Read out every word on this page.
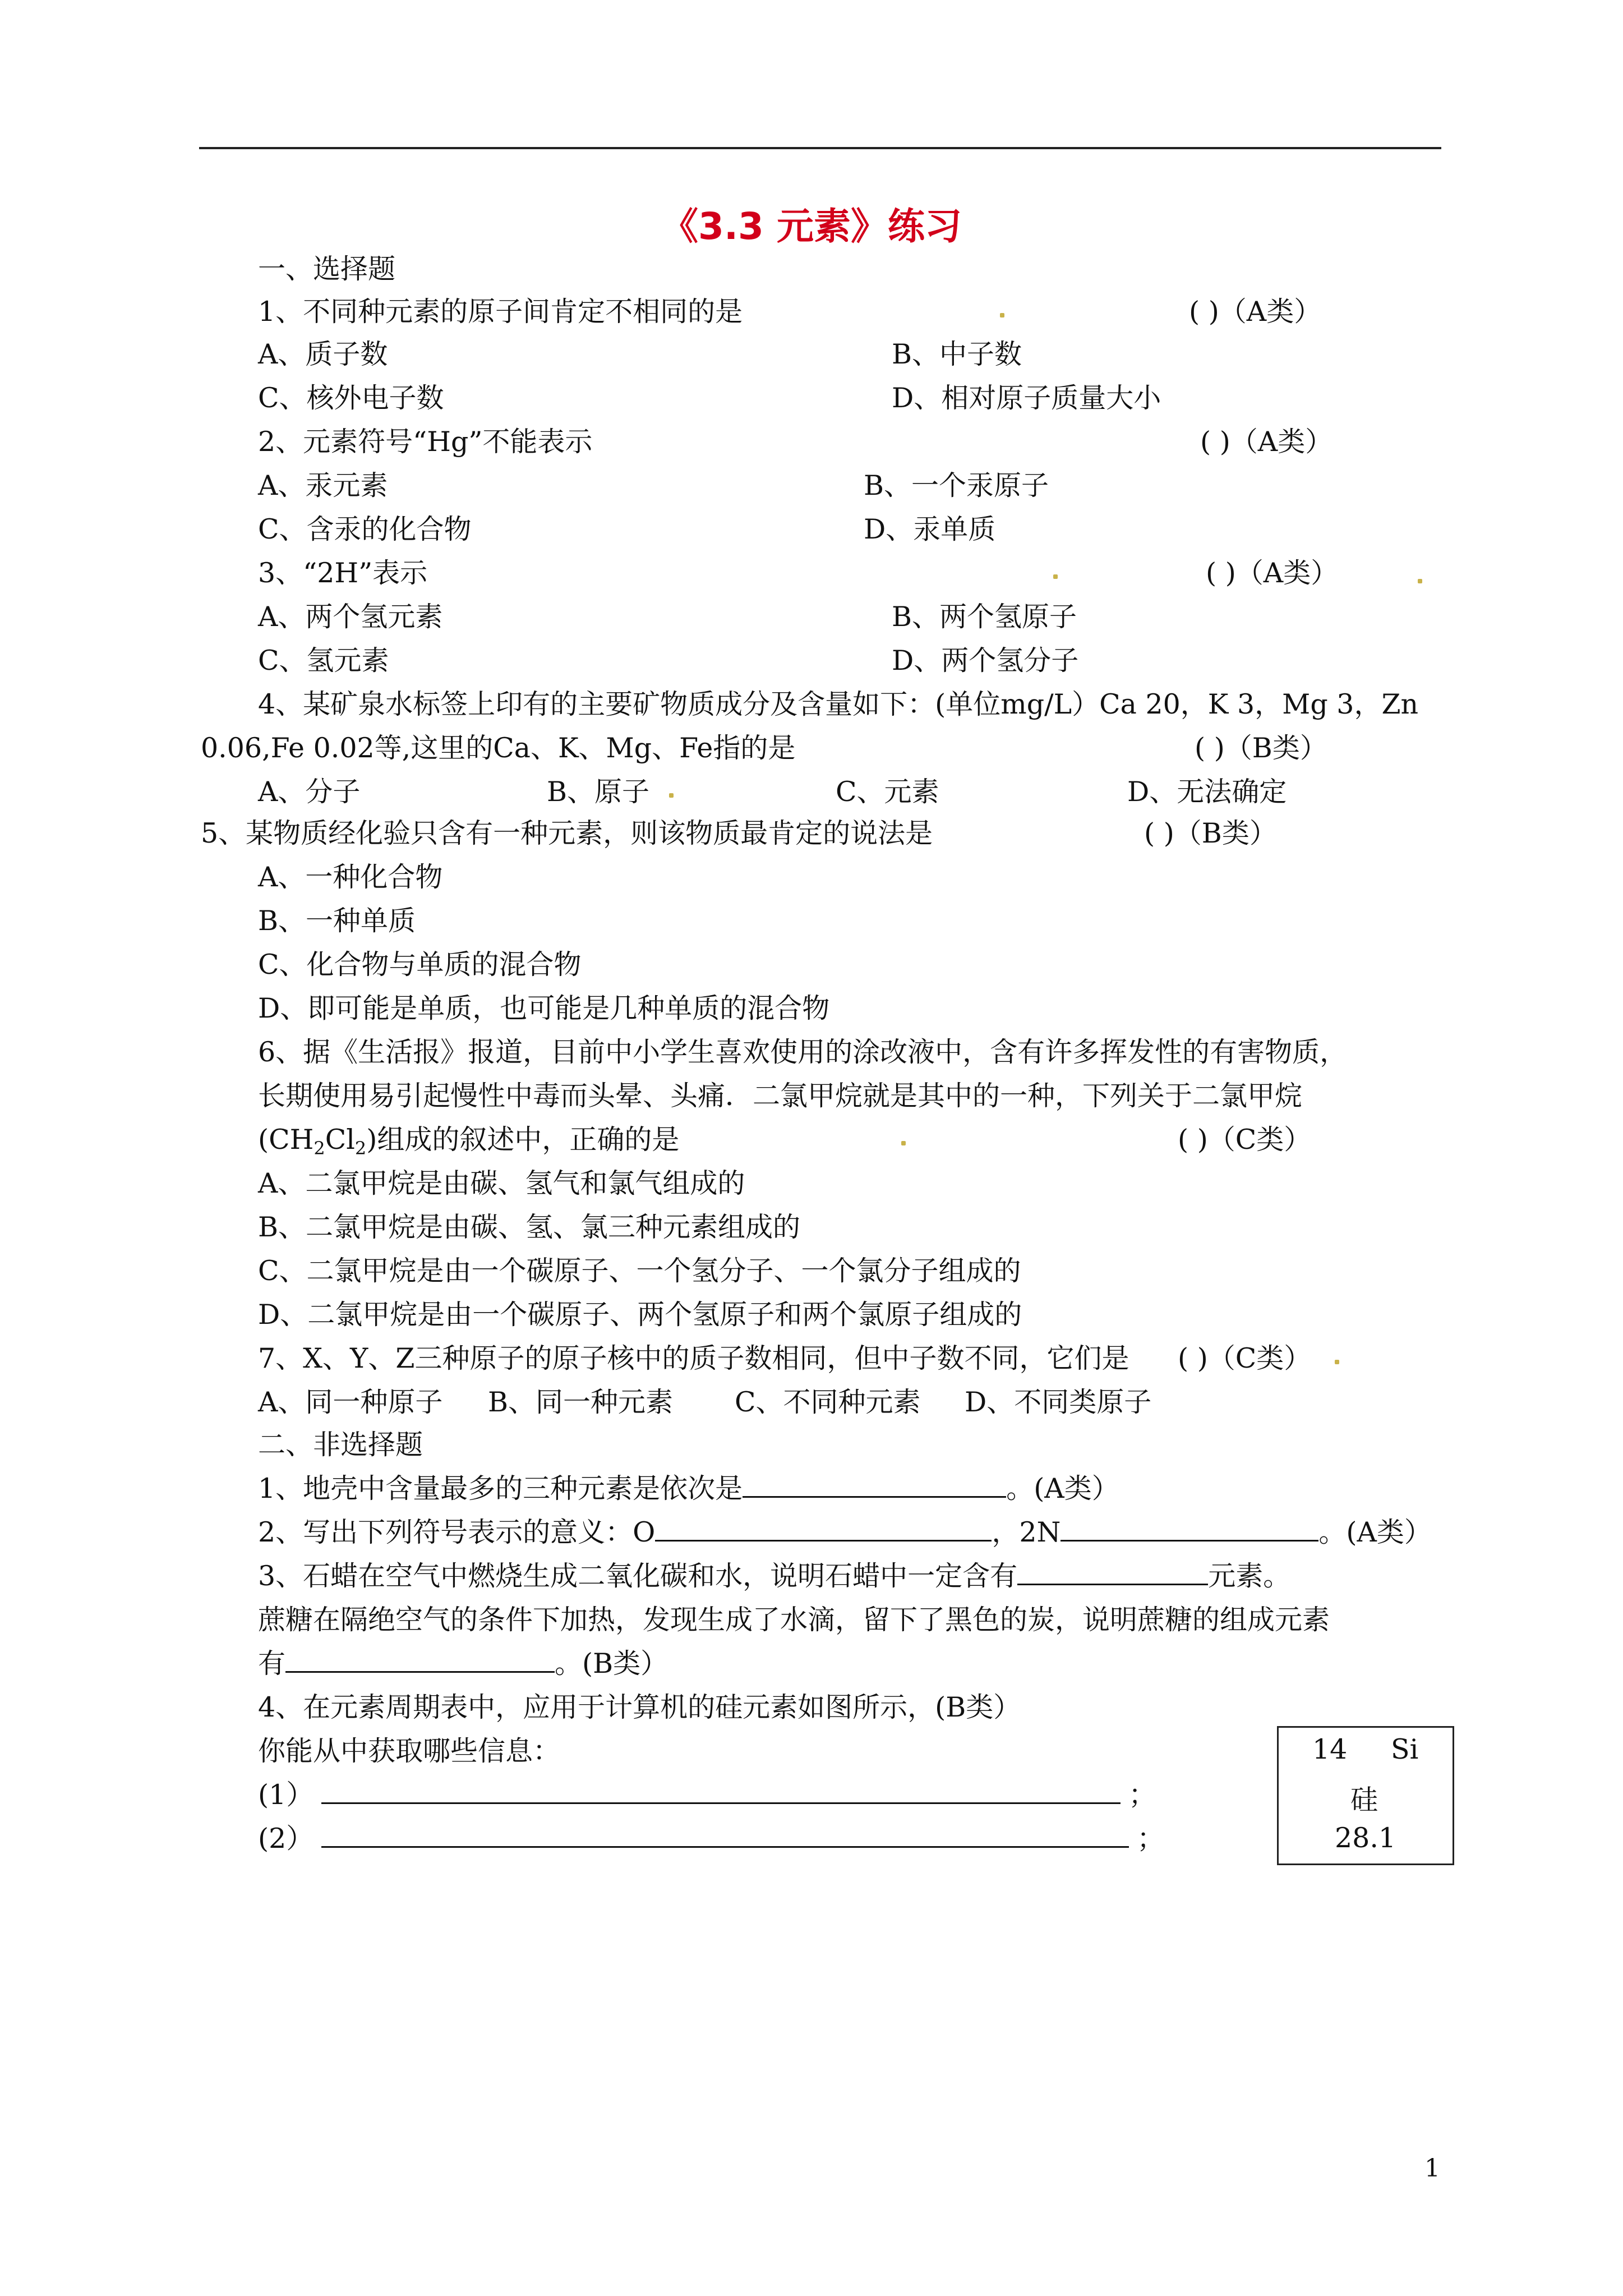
《3.3 元素》练习
一、选择题
1、不同种元素的原子间肯定不相同的是	( )（A类）
A、质子数	B、中子数
C、核外电子数	D、相对原子质量大小
2、元素符号“Hg”不能表示	( )（A类）
A、汞元素	B、一个汞原子
C、含汞的化合物	D、汞单质
3、“2H”表示	( )（A类）
A、两个氢元素	B、两个氢原子
C、氢元素	D、两个氢分子
4、某矿泉水标签上印有的主要矿物质成分及含量如下：(单位mg/L）Ca 20，K 3，Mg 3，Zn
0.06,Fe 0.02等,这里的Ca、K、Mg、Fe指的是	( )（B类）
A、分子	B、原子	C、元素	D、无法确定
5、某物质经化验只含有一种元素，则该物质最肯定的说法是	( )（B类）
A、一种化合物
B、一种单质
C、化合物与单质的混合物
D、即可能是单质，也可能是几种单质的混合物
6、据《生活报》报道，目前中小学生喜欢使用的涂改液中，含有许多挥发性的有害物质，
长期使用易引起慢性中毒而头晕、头痛．二氯甲烷就是其中的一种，下列关于二氯甲烷
$(CH_2Cl_2)$组成的叙述中，正确的是	( )（C类）
A、二氯甲烷是由碳、氢气和氯气组成的
B、二氯甲烷是由碳、氢、氯三种元素组成的
C、二氯甲烷是由一个碳原子、一个氢分子、一个氯分子组成的
D、二氯甲烷是由一个碳原子、两个氢原子和两个氯原子组成的
7、X、Y、Z三种原子的原子核中的质子数相同，但中子数不同，它们是 ( )（C类）
A、同一种原子 B、同一种元素 C、不同种元素 D、不同类原子
二、非选择题
1、地壳中含量最多的三种元素是依次是	。(A类）
2、写出下列符号表示的意义：O	，2N	。(A类）
3、石蜡在空气中燃烧生成二氧化碳和水，说明石蜡中一定含有	元素。
蔗糖在隔绝空气的条件下加热，发现生成了水滴，留下了黑色的炭，说明蔗糖的组成元素
有	。(B类）
4、在元素周期表中，应用于计算机的硅元素如图所示，(B类）
你能从中获取哪些信息：
(1）	；
(2）	；
14 Si
硅
28.1
1
